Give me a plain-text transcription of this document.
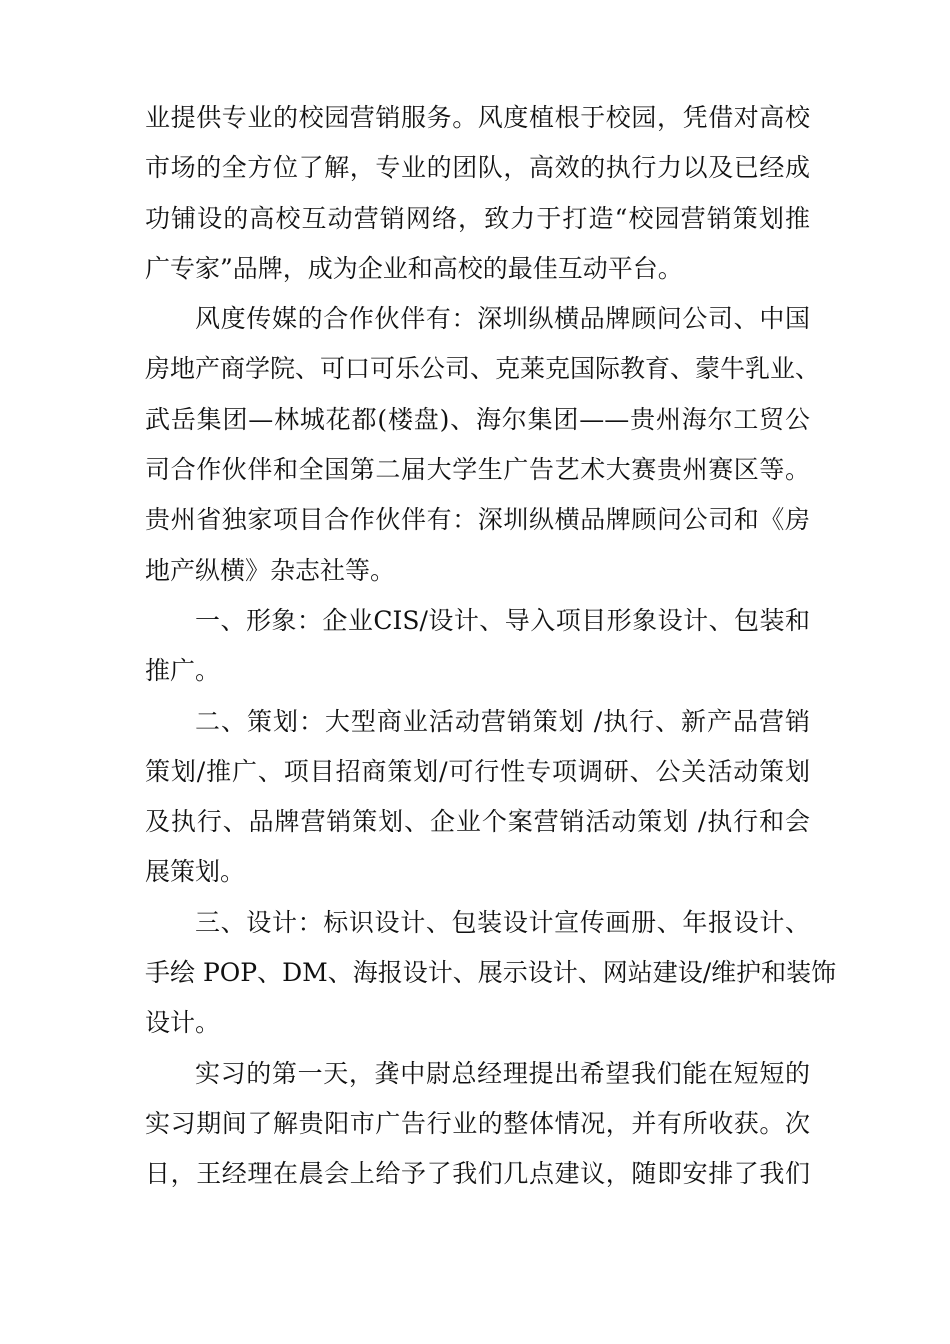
业提供专业的校园营销服务。风度植根于校园，凭借对高校
市场的全方位了解，专业的团队，高效的执行力以及已经成
功铺设的高校互动营销网络，致力于打造“校园营销策划推
广专家”品牌，成为企业和高校的最佳互动平台。
风度传媒的合作伙伴有：深圳纵横品牌顾问公司、中国
房地产商学院、可口可乐公司、克莱克国际教育、蒙牛乳业、
武岳集团—林城花都(楼盘)、海尔集团——贵州海尔工贸公
司合作伙伴和全国第二届大学生广告艺术大赛贵州赛区等。
贵州省独家项目合作伙伴有：深圳纵横品牌顾问公司和《房
地产纵横》杂志社等。
一、形象：企业CIS/设计、导入项目形象设计、包装和
推广。
二、策划：大型商业活动营销策划 /执行、新产品营销
策划/推广、项目招商策划/可行性专项调研、公关活动策划
及执行、品牌营销策划、企业个案营销活动策划 /执行和会
展策划。
三、设计：标识设计、包装设计宣传画册、年报设计、
手绘 POP、DM、海报设计、展示设计、网站建设/维护和装饰
设计。
实习的第一天，龚中尉总经理提出希望我们能在短短的
实习期间了解贵阳市广告行业的整体情况，并有所收获。次
日，王经理在晨会上给予了我们几点建议，随即安排了我们
